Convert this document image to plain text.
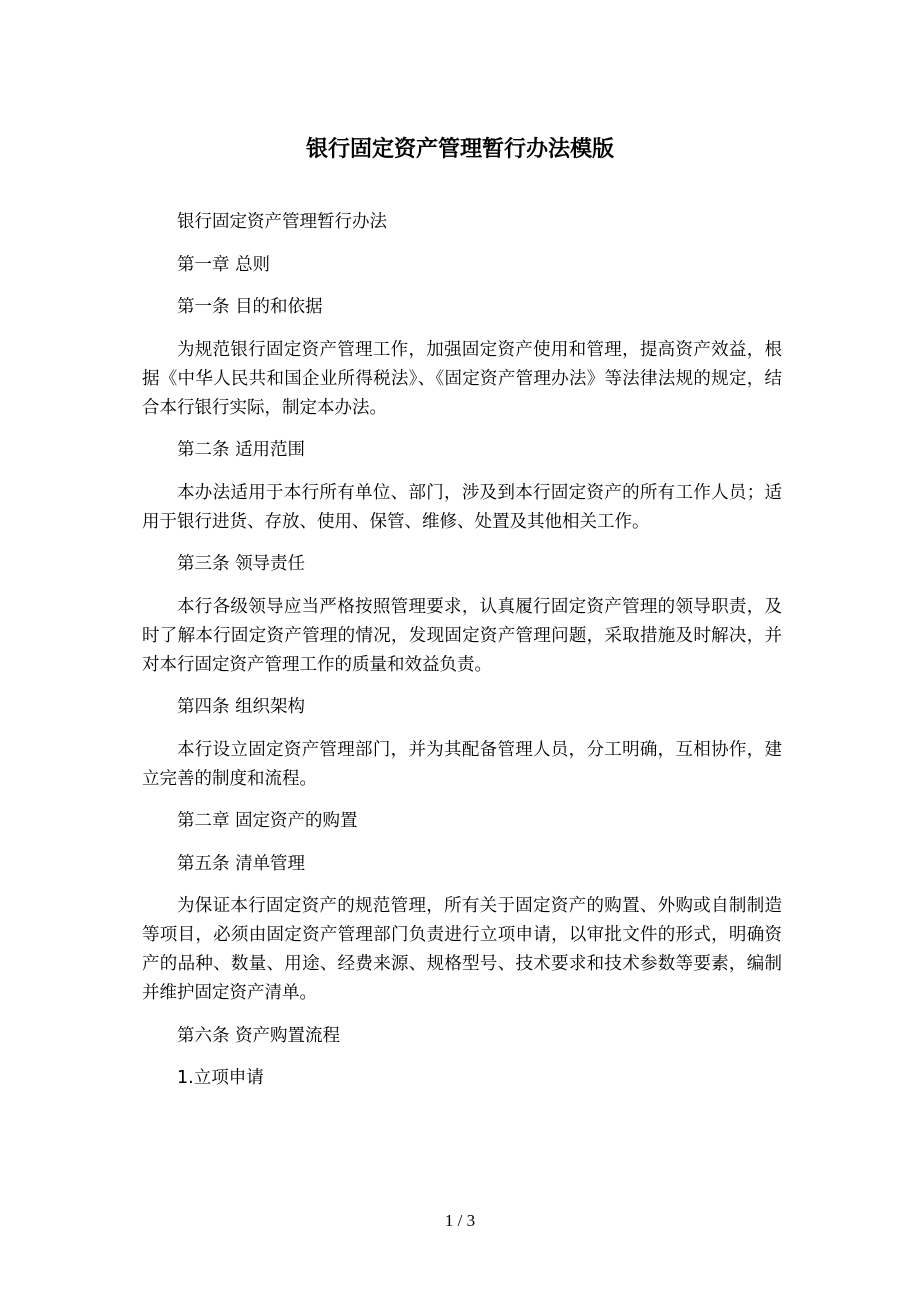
银行固定资产管理暂行办法模版

银行固定资产管理暂行办法

第一章 总则

第一条 目的和依据

为规范银行固定资产管理工作，加强固定资产使用和管理，提高资产效益，根据《中华人民共和国企业所得税法》、《固定资产管理办法》等法律法规的规定，结合本行银行实际，制定本办法。

第二条 适用范围

本办法适用于本行所有单位、部门，涉及到本行固定资产的所有工作人员；适用于银行进货、存放、使用、保管、维修、处置及其他相关工作。

第三条 领导责任

本行各级领导应当严格按照管理要求，认真履行固定资产管理的领导职责，及时了解本行固定资产管理的情况，发现固定资产管理问题，采取措施及时解决，并对本行固定资产管理工作的质量和效益负责。

第四条 组织架构

本行设立固定资产管理部门，并为其配备管理人员，分工明确，互相协作，建立完善的制度和流程。

第二章 固定资产的购置

第五条 清单管理

为保证本行固定资产的规范管理，所有关于固定资产的购置、外购或自制制造等项目，必须由固定资产管理部门负责进行立项申请，以审批文件的形式，明确资产的品种、数量、用途、经费来源、规格型号、技术要求和技术参数等要素，编制并维护固定资产清单。

第六条 资产购置流程

1.立项申请

1 / 3
